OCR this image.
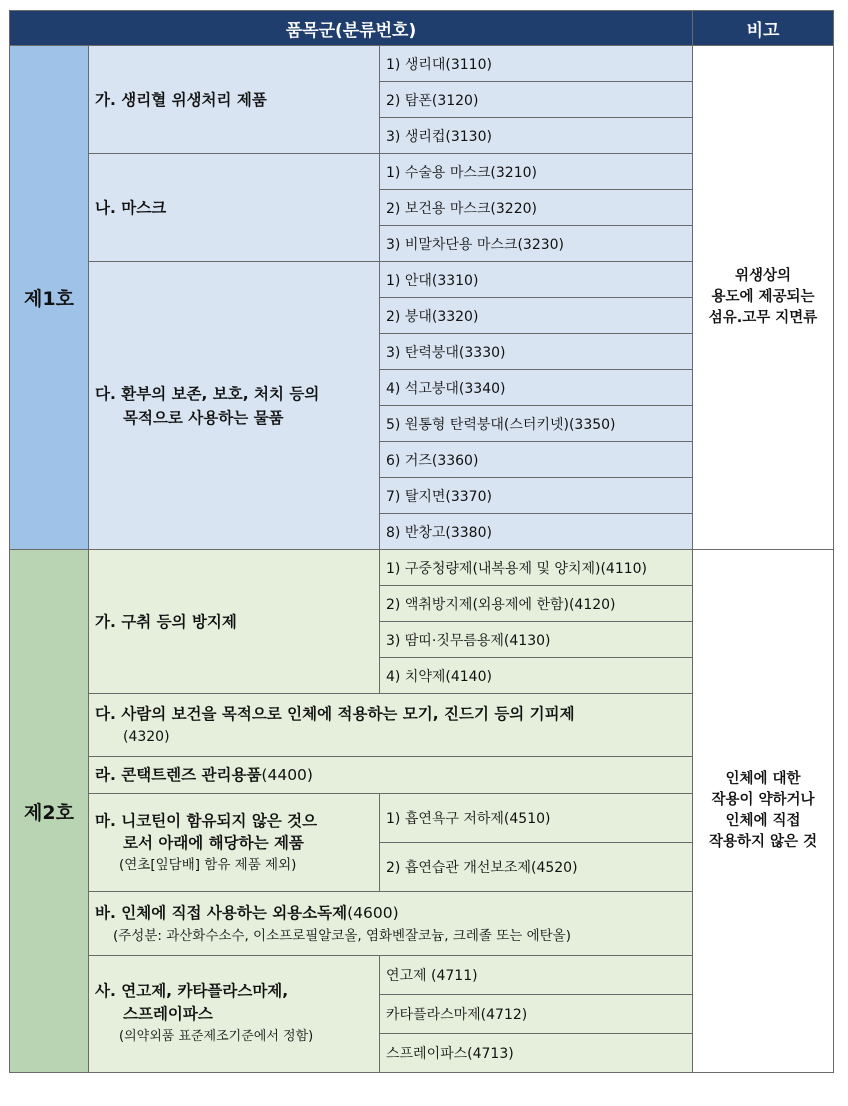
품목군(분류번호)			비고
제1호	가. 생리혈 위생처리 제품	1) 생리대(3110)	위생상의
용도에 제공되는
섬유.고무 지면류
		2) 탐폰(3120)	
		3) 생리컵(3130)	
	나. 마스크	1) 수술용 마스크(3210)	
		2) 보건용 마스크(3220)	
		3) 비말차단용 마스크(3230)	
	다. 환부의 보존, 보호, 처치 등의
목적으로 사용하는 물품	1) 안대(3310)	
		2) 붕대(3320)	
		3) 탄력붕대(3330)	
		4) 석고붕대(3340)	
		5) 원통형 탄력붕대(스터키넷)(3350)	
		6) 거즈(3360)	
		7) 탈지면(3370)	
		8) 반창고(3380)	
제2호	가. 구취 등의 방지제	1) 구중청량제(내복용제 및 양치제)(4110)	인체에 대한
작용이 약하거나
인체에 직접
작용하지 않은 것
		2) 액취방지제(외용제에 한함)(4120)	
		3) 땀띠·짓무름용제(4130)	
		4) 치약제(4140)	
	다. 사람의 보건을 목적으로 인체에 적용하는 모기, 진드기 등의 기피제
(4320)		

	라. 콘택트렌즈 관리용품(4400)		
	마. 니코틴이 함유되지 않은 것으
로서 아래에 해당하는 제품
(연초[잎담배] 함유 제품 제외)	1) 흡연욕구 저하제(4510)	
		2) 흡연습관 개선보조제(4520)	
	바. 인체에 직접 사용하는 외용소독제(4600)
(주성분: 과산화수소수, 이소프로필알코올, 염화벤잘코늄, 크레졸 또는 에탄올)		

	사. 연고제, 카타플라스마제,
스프레이파스
(의약외품 표준제조기준에서 정함)	연고제 (4711)	
		카타플라스마제(4712)	
		스프레이파스(4713)	
